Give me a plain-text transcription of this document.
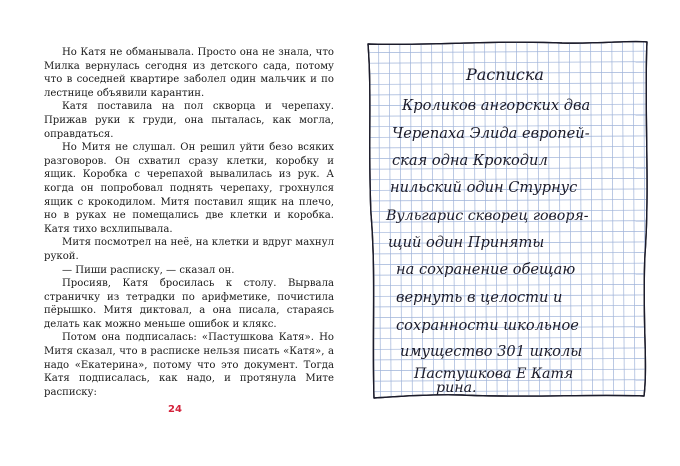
Но Катя не обманывала. Просто она не знала, что Милка вернулась сегодня из детского сада, потому что в соседней квартире заболел один мальчик и по лестнице объявили карантин.

Катя поставила на пол скворца и черепаху. Прижав руки к груди, она пыталась, как могла, оправдаться.

Но Митя не слушал. Он решил уйти безо всяких разговоров. Он схватил сразу клетки, коробку и ящик. Коробка с черепахой вывалилась из рук. А когда он попробовал поднять черепаху, грохнулся ящик с крокодилом. Митя поставил ящик на плечо, но в руках не помещались две клетки и коробка. Катя тихо всхлипывала.

Митя посмотрел на неё, на клетки и вдруг махнул рукой.

— Пиши расписку, — сказал он.

Просияв, Катя бросилась к столу. Вырвала страничку из тетрадки по арифметике, почистила пёрышко. Митя диктовал, а она писала, стараясь делать как можно меньше ошибок и клякс.

Потом она подписалась: «Пастушкова Катя». Но Митя сказал, что в расписке нельзя писать «Катя», а надо «Екатерина», потому что это документ. Тогда Катя подписалась, как надо, и протянула Мите расписку:

24
Расписка
Кроликов ангорских два
Черепаха Элида европей-
ская одна Крокодил
нильский один Стурнус
Вульгарис скворец говоря-
щий один Приняты
на сохранение обещаю
вернуть в целости и
сохранности школьное
имущество 301 школы
Пастушкова Е Катя
рина.
